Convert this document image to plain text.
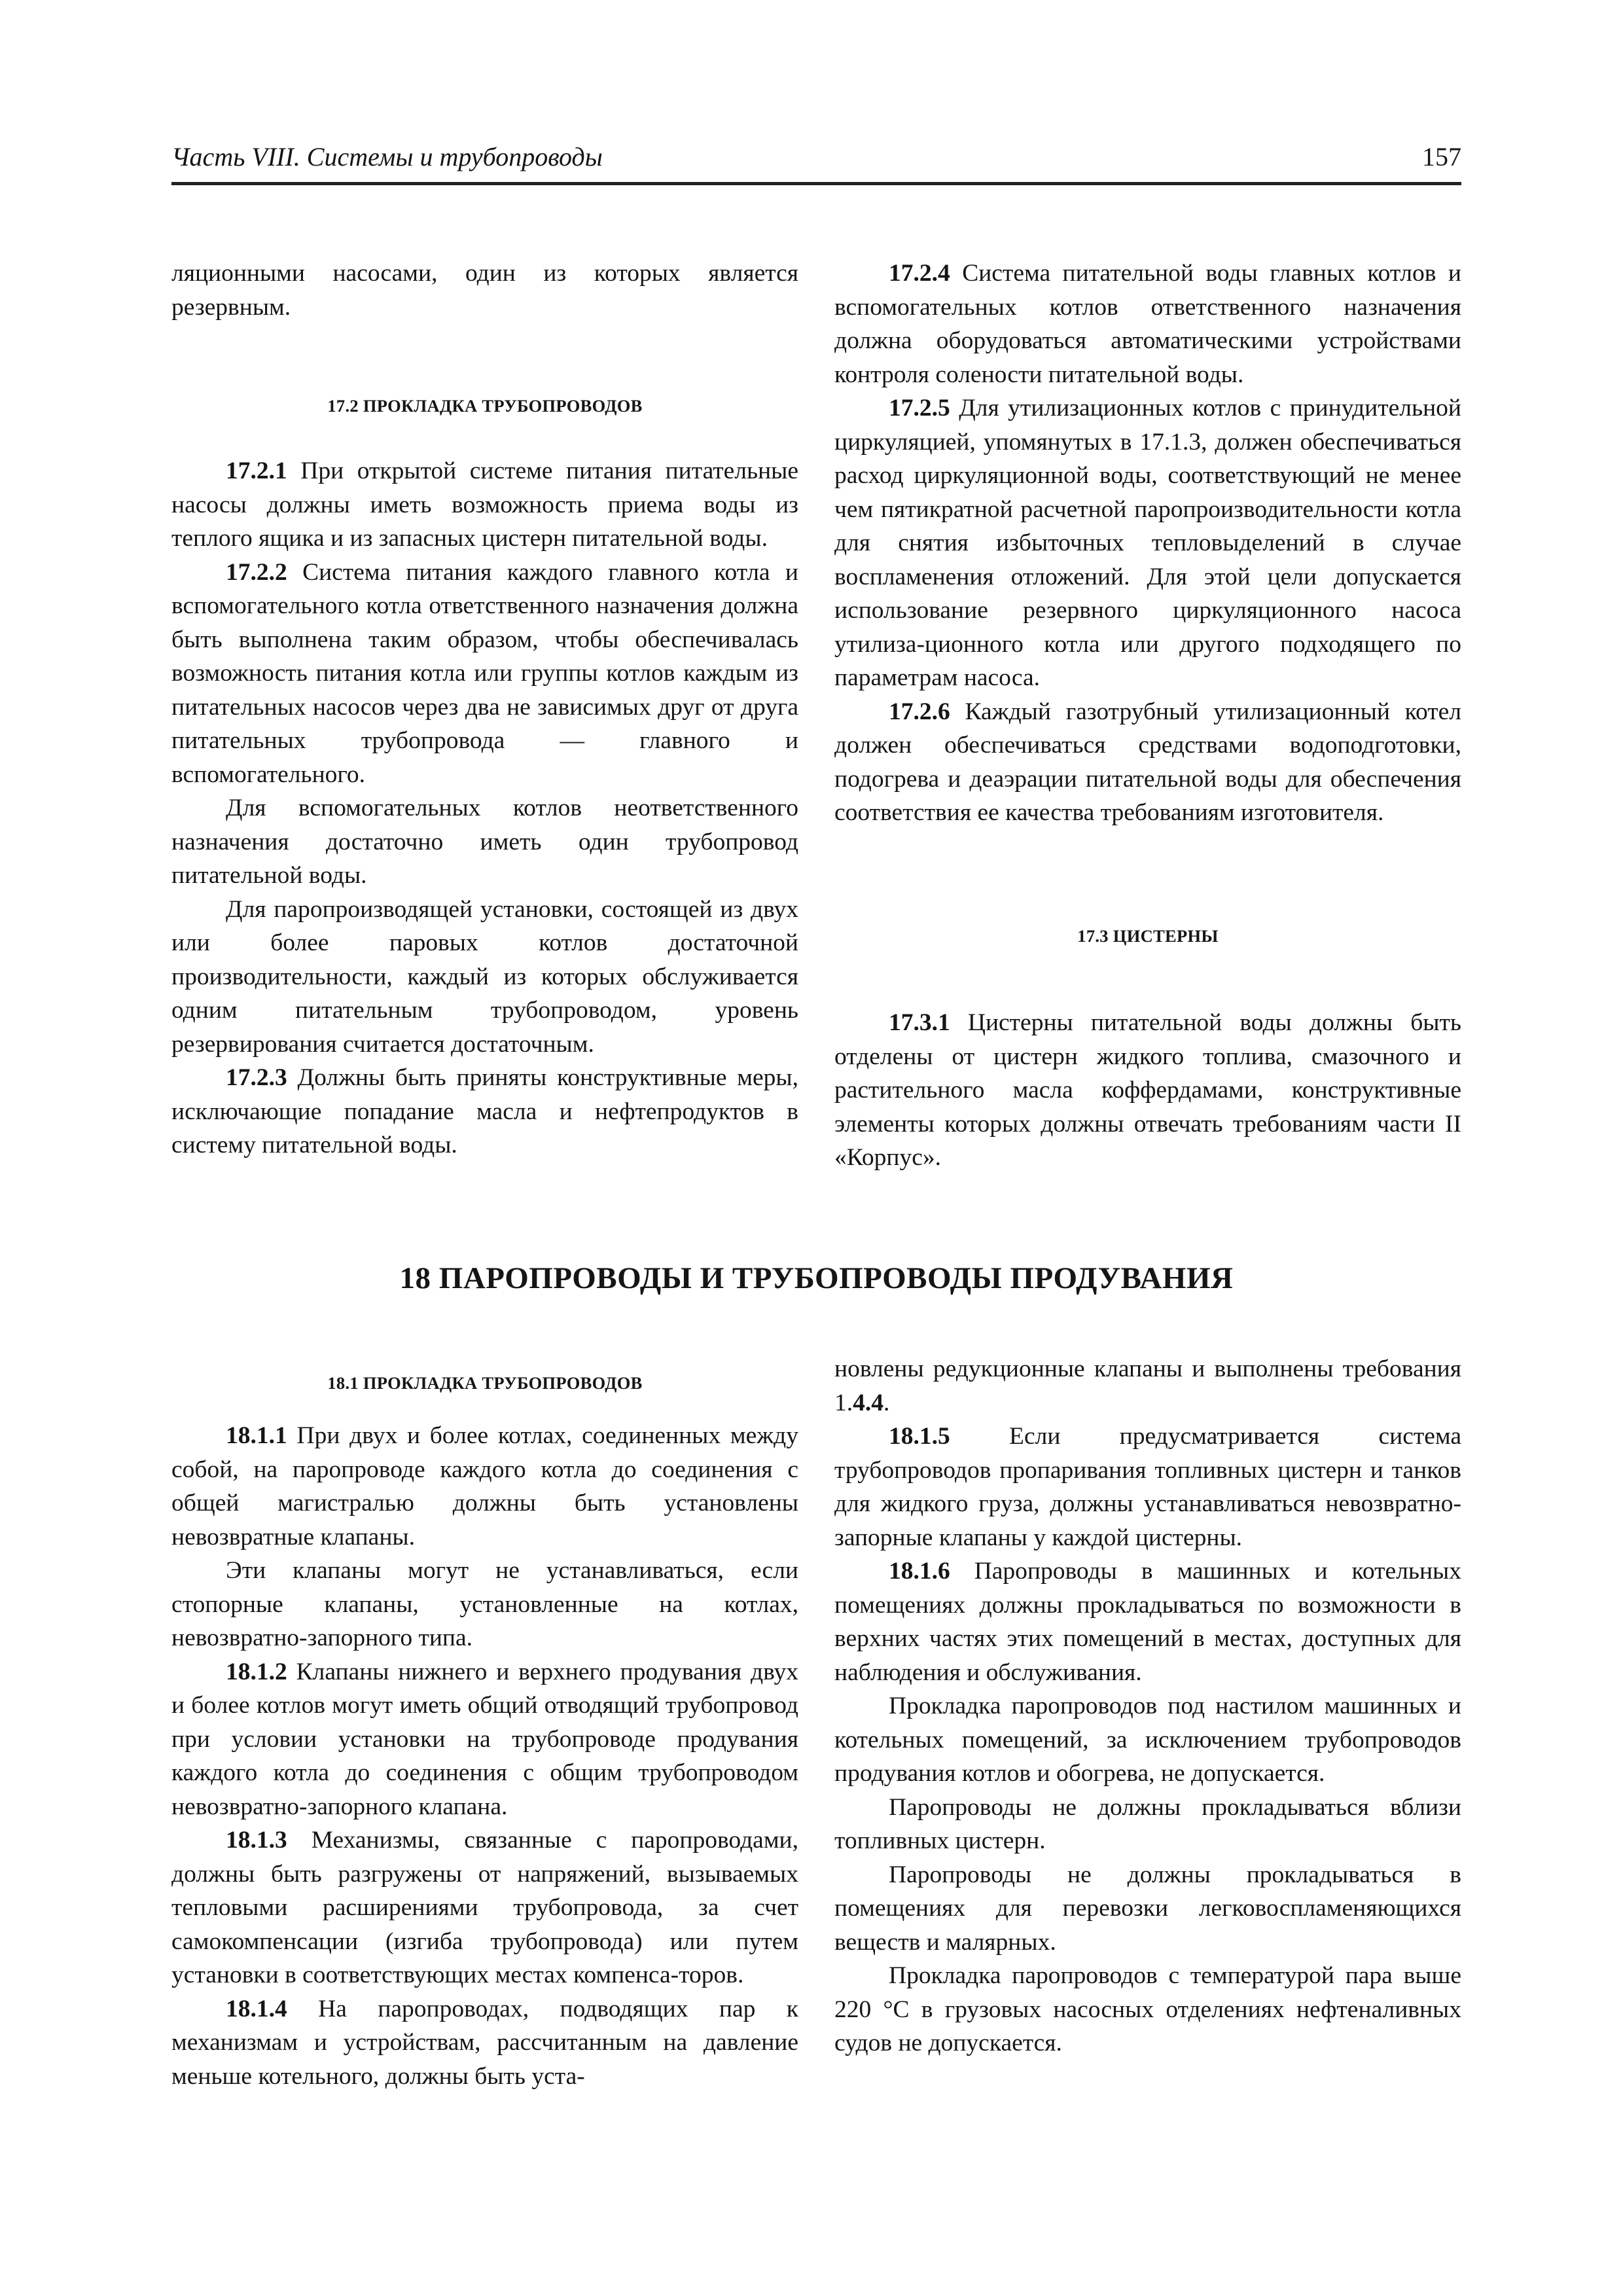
Часть VIII. Системы и трубопроводы	157

ляционными насосами, один из которых является резервным.

17.2 ПРОКЛАДКА ТРУБОПРОВОДОВ

17.2.1 При открытой системе питания питательные насосы должны иметь возможность приема воды из теплого ящика и из запасных цистерн питательной воды.

17.2.2 Система питания каждого главного котла и вспомогательного котла ответственного назначения должна быть выполнена таким образом, чтобы обеспечивалась возможность питания котла или группы котлов каждым из питательных насосов через два не зависимых друг от друга питательных трубопровода — главного и вспомогательного.

Для вспомогательных котлов неответственного назначения достаточно иметь один трубопровод питательной воды.

Для паропроизводящей установки, состоящей из двух или более паровых котлов достаточной производительности, каждый из которых обслуживается одним питательным трубопроводом, уровень резервирования считается достаточным.

17.2.3 Должны быть приняты конструктивные меры, исключающие попадание масла и нефтепродуктов в систему питательной воды.

17.2.4 Система питательной воды главных котлов и вспомогательных котлов ответственного назначения должна оборудоваться автоматическими устройствами контроля солености питательной воды.

17.2.5 Для утилизационных котлов с принудительной циркуляцией, упомянутых в 17.1.3, должен обеспечиваться расход циркуляционной воды, соответствующий не менее чем пятикратной расчетной паропроизводительности котла для снятия избыточных тепловыделений в случае воспламенения отложений. Для этой цели допускается использование резервного циркуляционного насоса утилиза-ционного котла или другого подходящего по параметрам насоса.

17.2.6 Каждый газотрубный утилизационный котел должен обеспечиваться средствами водоподготовки, подогрева и деаэрации питательной воды для обеспечения соответствия ее качества требованиям изготовителя.

17.3 ЦИСТЕРНЫ

17.3.1 Цистерны питательной воды должны быть отделены от цистерн жидкого топлива, смазочного и растительного масла коффердамами, конструктивные элементы которых должны отвечать требованиям части II «Корпус».

18 ПАРОПРОВОДЫ И ТРУБОПРОВОДЫ ПРОДУВАНИЯ
18.1 ПРОКЛАДКА ТРУБОПРОВОДОВ

18.1.1 При двух и более котлах, соединенных между собой, на паропроводе каждого котла до соединения с общей магистралью должны быть установлены невозвратные клапаны.

Эти клапаны могут не устанавливаться, если стопорные клапаны, установленные на котлах, невозвратно-запорного типа.

18.1.2 Клапаны нижнего и верхнего продувания двух и более котлов могут иметь общий отводящий трубопровод при условии установки на трубопроводе продувания каждого котла до соединения с общим трубопроводом невозвратно-запорного клапана.

18.1.3 Механизмы, связанные с паропроводами, должны быть разгружены от напряжений, вызываемых тепловыми расширениями трубопровода, за счет самокомпенсации (изгиба трубопровода) или путем установки в соответствующих местах компенса-торов.

18.1.4 На паропроводах, подводящих пар к механизмам и устройствам, рассчитанным на давление меньше котельного, должны быть уста-

новлены редукционные клапаны и выполнены требования 1.4.4.

18.1.5 Если предусматривается система трубопроводов пропаривания топливных цистерн и танков для жидкого груза, должны устанавливаться невозвратно-запорные клапаны у каждой цистерны.

18.1.6 Паропроводы в машинных и котельных помещениях должны прокладываться по возможности в верхних частях этих помещений в местах, доступных для наблюдения и обслуживания.

Прокладка паропроводов под настилом машинных и котельных помещений, за исключением трубопроводов продувания котлов и обогрева, не допускается.

Паропроводы не должны прокладываться вблизи топливных цистерн.

Паропроводы не должны прокладываться в помещениях для перевозки легковоспламеняющихся веществ и малярных.

Прокладка паропроводов с температурой пара выше 220 °С в грузовых насосных отделениях нефтеналивных судов не допускается.
